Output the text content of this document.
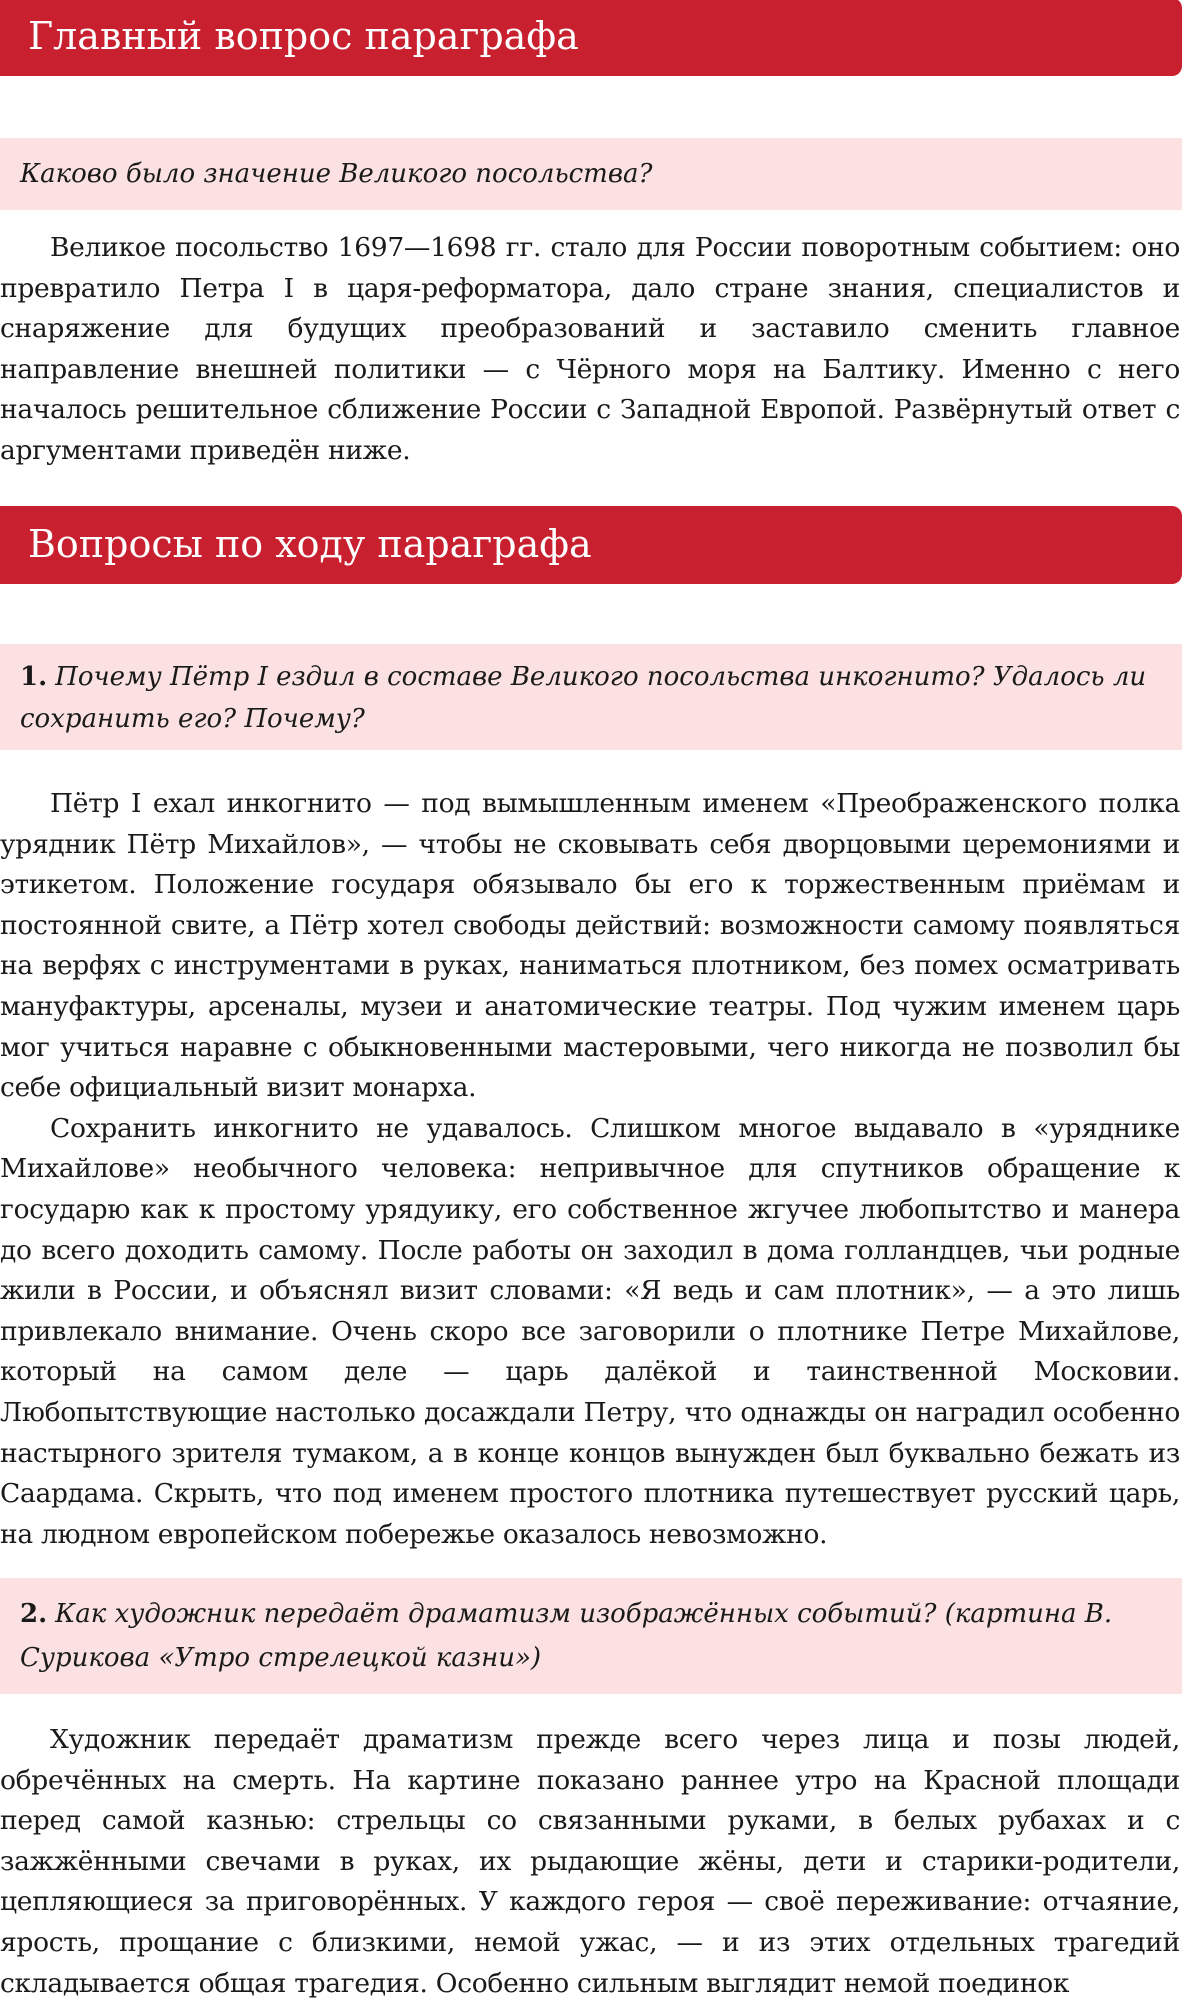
Главный вопрос параграфа
Каково было значение Великого посольства?

Великое посольство 1697—1698 гг. стало для России поворотным событием: оно превратило Петра I в царя-реформатора, дало стране знания, специалистов и снаряжение для будущих преобразований и заставило сменить главное направление внешней политики — с Чёрного моря на Балтику. Именно с него началось решительное сближение России с Западной Европой. Развёрнутый ответ с аргументами приведён ниже.

Вопросы по ходу параграфа
1. Почему Пётр I ездил в составе Великого посольства инкогнито? Удалось ли сохранить его? Почему?

Пётр I ехал инкогнито — под вымышленным именем «Преображенского полка урядник Пётр Михайлов», — чтобы не сковывать себя дворцовыми церемониями и этикетом. Положение государя обязывало бы его к торжественным приёмам и постоянной свите, а Пётр хотел свободы действий: возможности самому появляться на верфях с инструментами в руках, наниматься плотником, без помех осматривать мануфактуры, арсеналы, музеи и анатомические театры. Под чужим именем царь мог учиться наравне с обыкновенными мастеровыми, чего никогда не позволил бы себе официальный визит монарха.

Сохранить инкогнито не удавалось. Слишком многое выдавало в «уряднике Михайлове» необычного человека: непривычное для спутников обращение к государю как к простому урядуику, его собственное жгучее любопытство и манера до всего доходить самому. После работы он заходил в дома голландцев, чьи родные жили в России, и объяснял визит словами: «Я ведь и сам плотник», — а это лишь привлекало внимание. Очень скоро все заговорили о плотнике Петре Михайлове, который на самом деле — царь далёкой и таинственной Московии. Любопытствующие настолько досаждали Петру, что однажды он наградил особенно настырного зрителя тумаком, а в конце концов вынужден был буквально бежать из Саардама. Скрыть, что под именем простого плотника путешествует русский царь, на людном европейском побережье оказалось невозможно.

2. Как художник передаёт драматизм изображённых событий? (картина В. Сурикова «Утро стрелецкой казни»)

Художник передаёт драматизм прежде всего через лица и позы людей, обречённых на смерть. На картине показано раннее утро на Красной площади перед самой казнью: стрельцы со связанными руками, в белых рубахах и с зажжёнными свечами в руках, их рыдающие жёны, дети и старики-родители, цепляющиеся за приговорённых. У каждого героя — своё переживание: отчаяние, ярость, прощание с близкими, немой ужас, — и из этих отдельных трагедий складывается общая трагедия. Особенно сильным выглядит немой поединок
